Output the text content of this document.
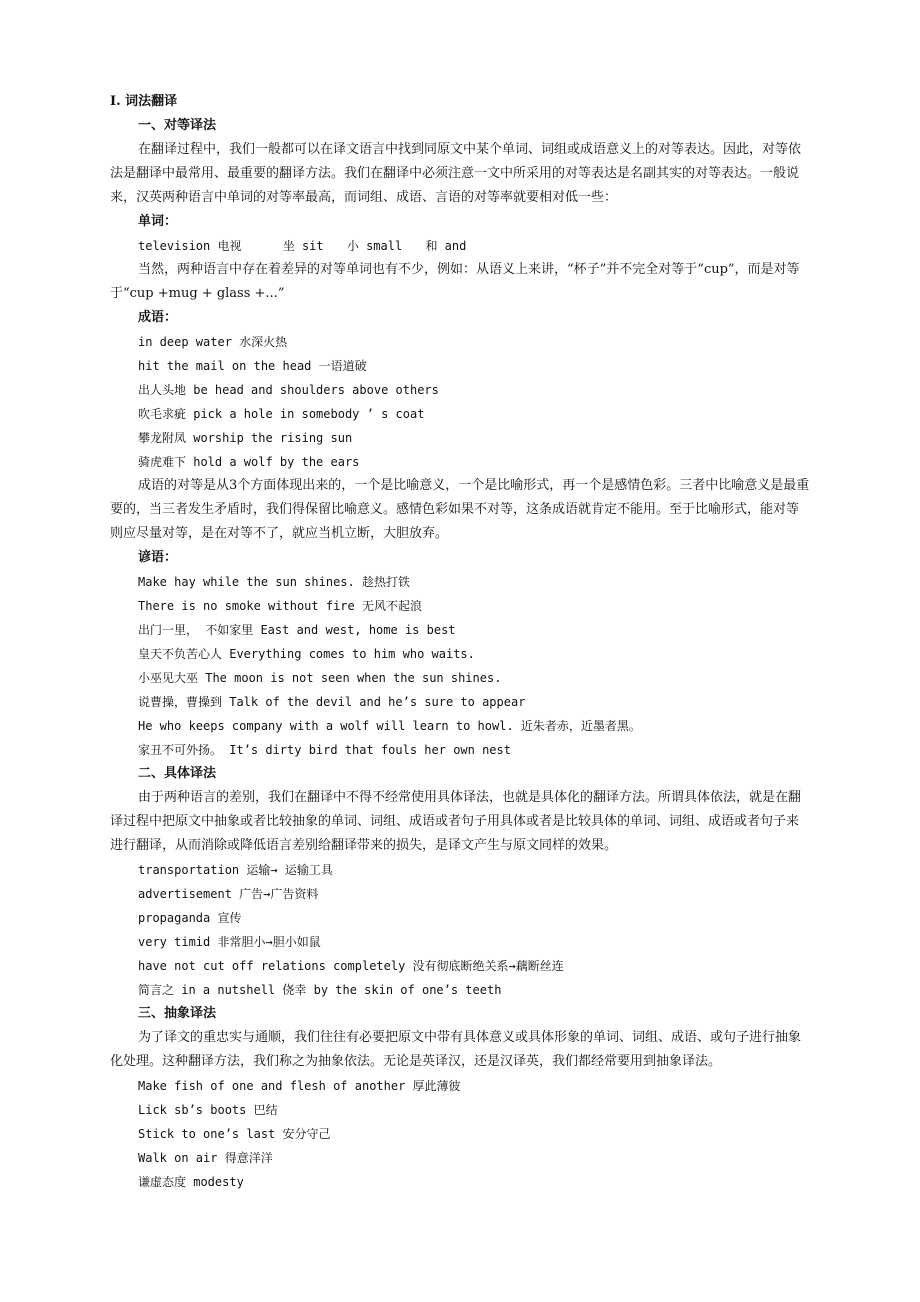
I. 词法翻译
一、对等译法
在翻译过程中，我们一般都可以在译文语言中找到同原文中某个单词、词组或成语意义上的对等表达。因此，对等依法是翻译中最常用、最重要的翻译方法。我们在翻译中必须注意一文中所采用的对等表达是名副其实的对等表达。一般说来，汉英两种语言中单词的对等率最高，而词组、成语、言语的对等率就要相对低一些：
单词：
television 电视	坐 sit 小 small 和 and
当然，两种语言中存在着差异的对等单词也有不少，例如：从语义上来讲，“杯子”并不完全对等于“cup”，而是对等于“cup +mug + glass +...”
成语：
in deep water 水深火热
hit the mail on the head 一语道破
出人头地 be head and shoulders above others
吹毛求疵 pick a hole in somebody ’ s coat
攀龙附凤 worship the rising sun
骑虎难下 hold a wolf by the ears
成语的对等是从3个方面体现出来的，一个是比喻意义，一个是比喻形式，再一个是感情色彩。三者中比喻意义是最重要的，当三者发生矛盾时，我们得保留比喻意义。感情色彩如果不对等，这条成语就肯定不能用。至于比喻形式，能对等则应尽量对等，是在对等不了，就应当机立断，大胆放弃。
谚语：
Make hay while the sun shines. 趁热打铁
There is no smoke without fire 无风不起浪
出门一里， 不如家里 East and west, home is best
皇天不负苦心人 Everything comes to him who waits.
小巫见大巫 The moon is not seen when the sun shines.
说曹操，曹操到 Talk of the devil and he’s sure to appear
He who keeps company with a wolf will learn to howl. 近朱者赤，近墨者黑。
家丑不可外扬。 It’s dirty bird that fouls her own nest
二、具体译法
由于两种语言的差别，我们在翻译中不得不经常使用具体译法，也就是具体化的翻译方法。所谓具体依法，就是在翻译过程中把原文中抽象或者比较抽象的单词、词组、成语或者句子用具体或者是比较具体的单词、词组、成语或者句子来进行翻译，从而消除或降低语言差别给翻译带来的损失，是译文产生与原文同样的效果。
transportation 运输→ 运输工具
advertisement 广告→广告资料
propaganda 宣传
very timid 非常胆小→胆小如鼠
have not cut off relations completely 没有彻底断绝关系→藕断丝连
简言之 in a nutshell 侥幸 by the skin of one’s teeth
三、抽象译法
为了译文的重忠实与通顺，我们往往有必要把原文中带有具体意义或具体形象的单词、词组、成语、或句子进行抽象化处理。这种翻译方法，我们称之为抽象依法。无论是英译汉，还是汉译英，我们都经常要用到抽象译法。
Make fish of one and flesh of another 厚此薄彼
Lick sb’s boots 巴结
Stick to one’s last 安分守己
Walk on air 得意洋洋
谦虚态度 modesty
